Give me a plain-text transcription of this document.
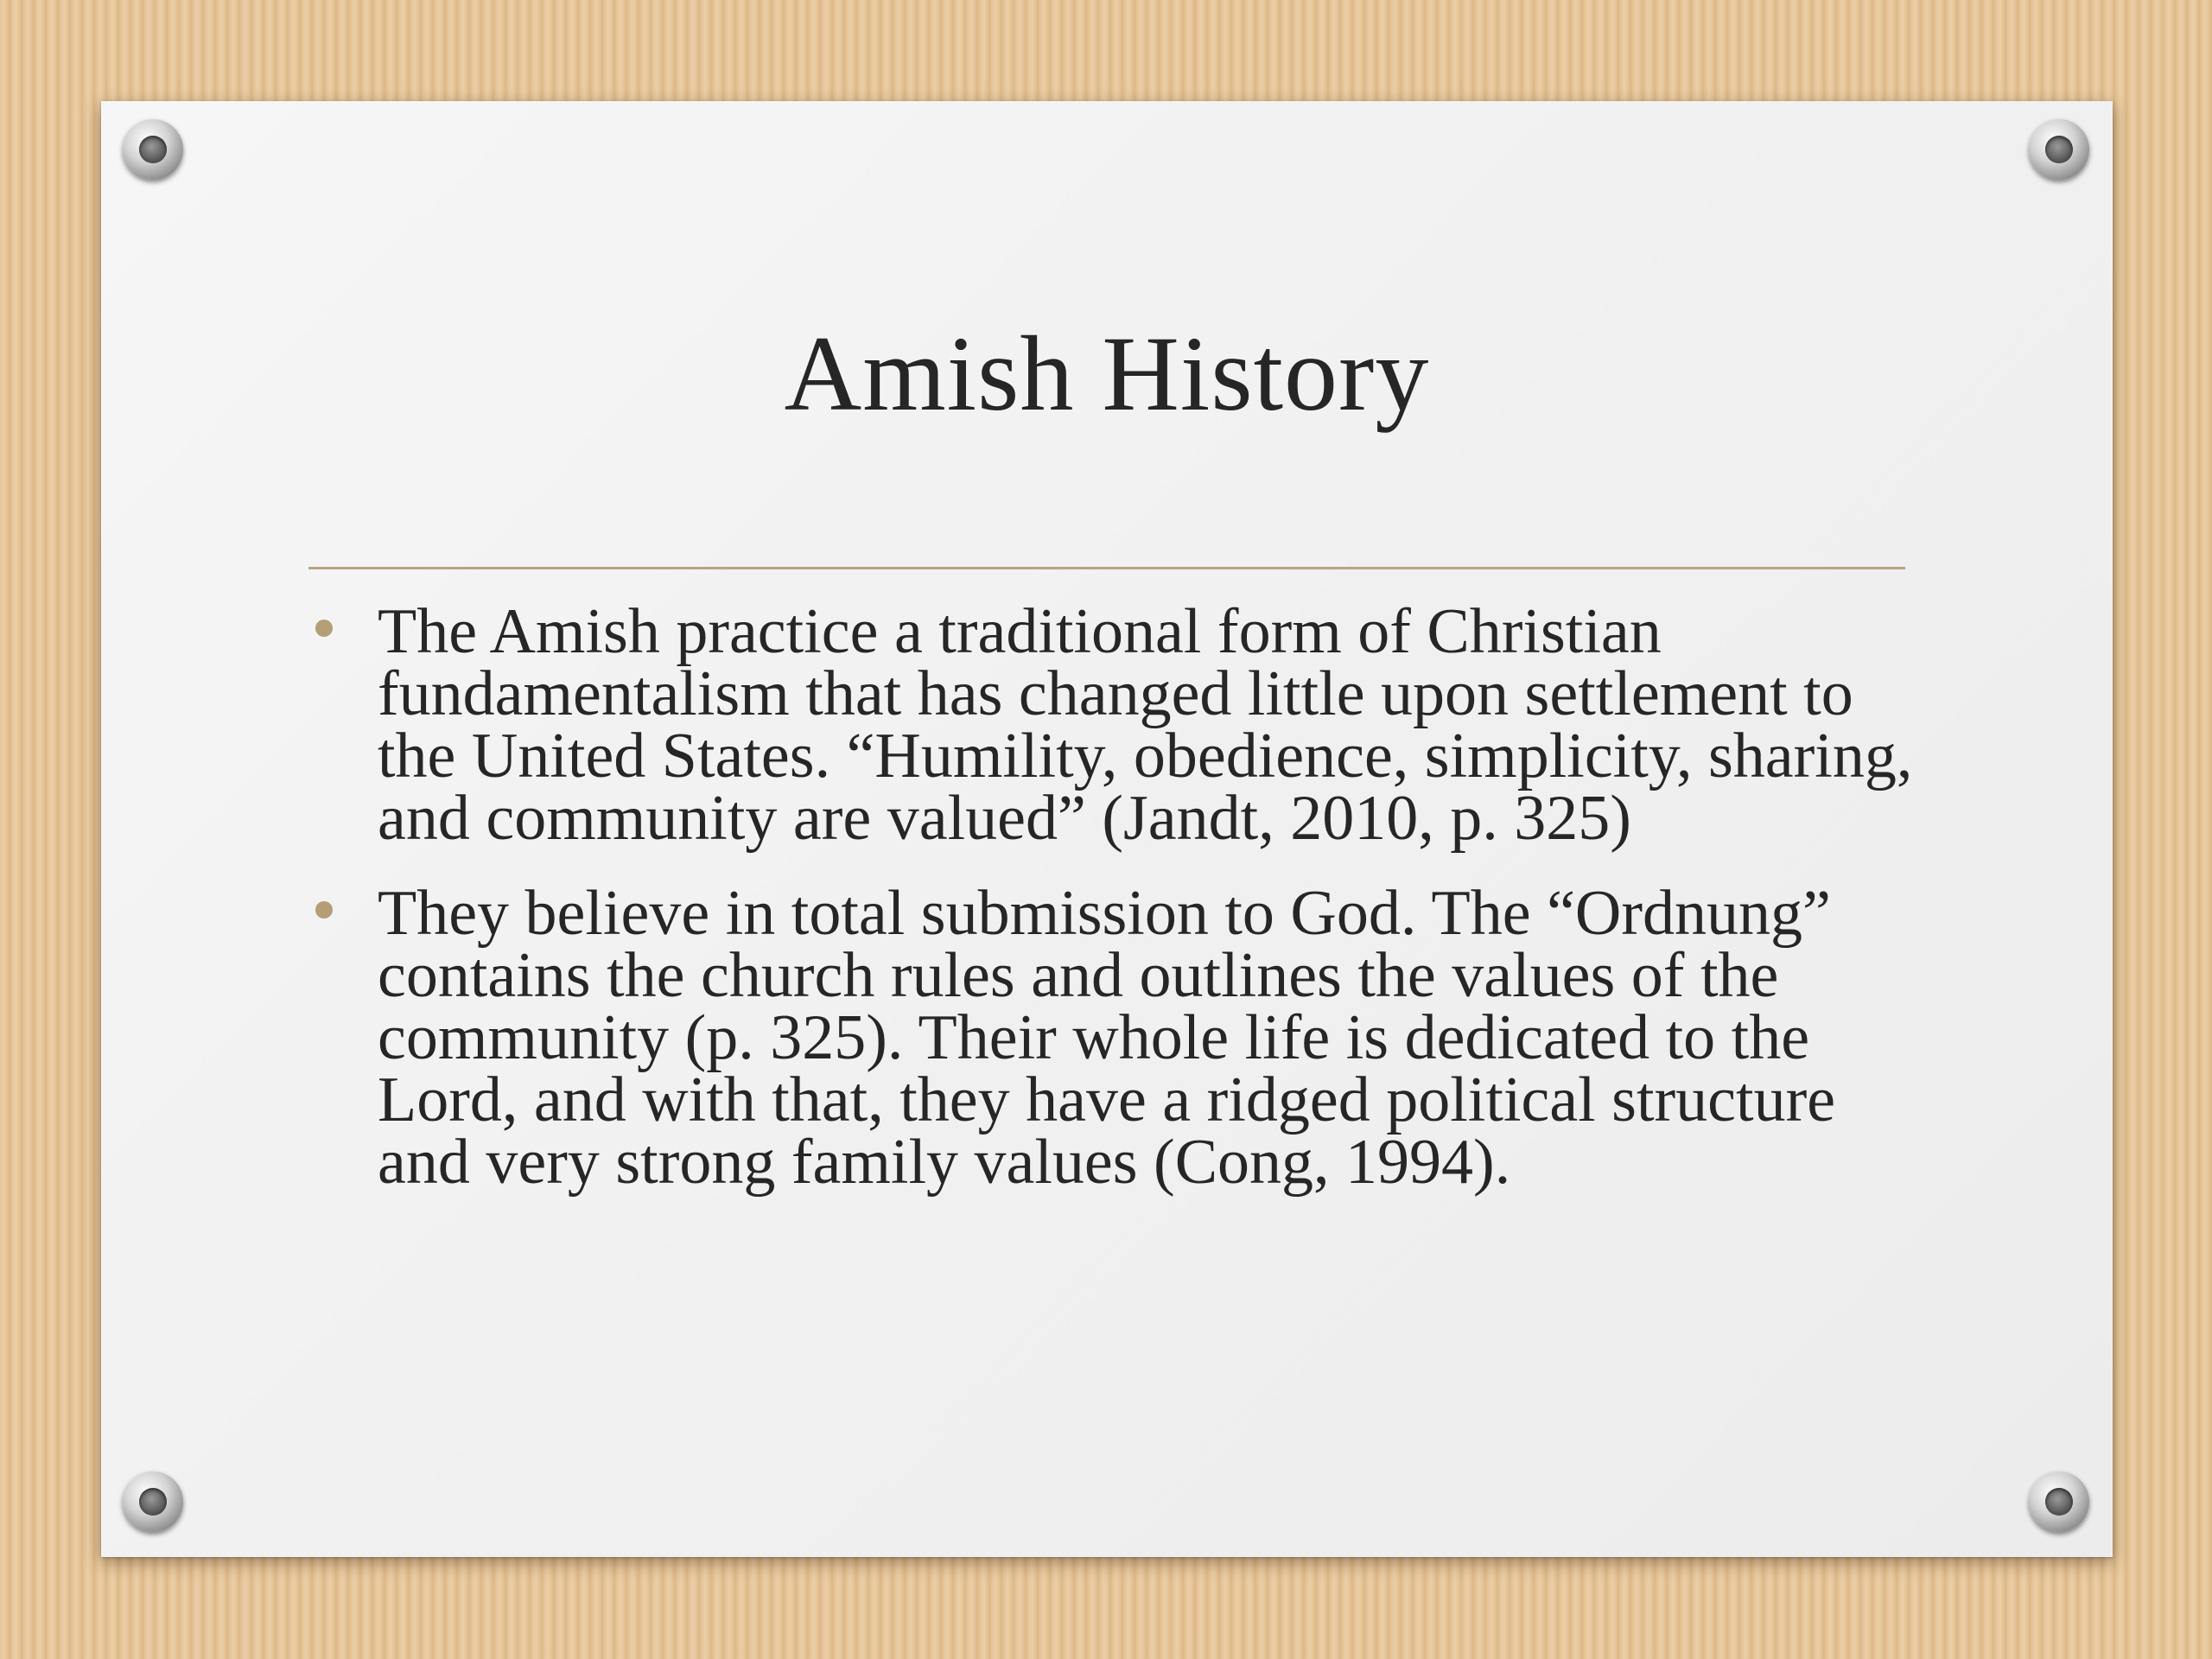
Amish History
The Amish practice a traditional form of Christian fundamentalism that has changed little upon settlement to the United States. “Humility, obedience, simplicity, sharing, and community are valued” (Jandt, 2010, p. 325)
They believe in total submission to God. The “Ordnung” contains the church rules and outlines the values of the community (p. 325). Their whole life is dedicated to the Lord, and with that, they have a ridged political structure and very strong family values (Cong, 1994).
